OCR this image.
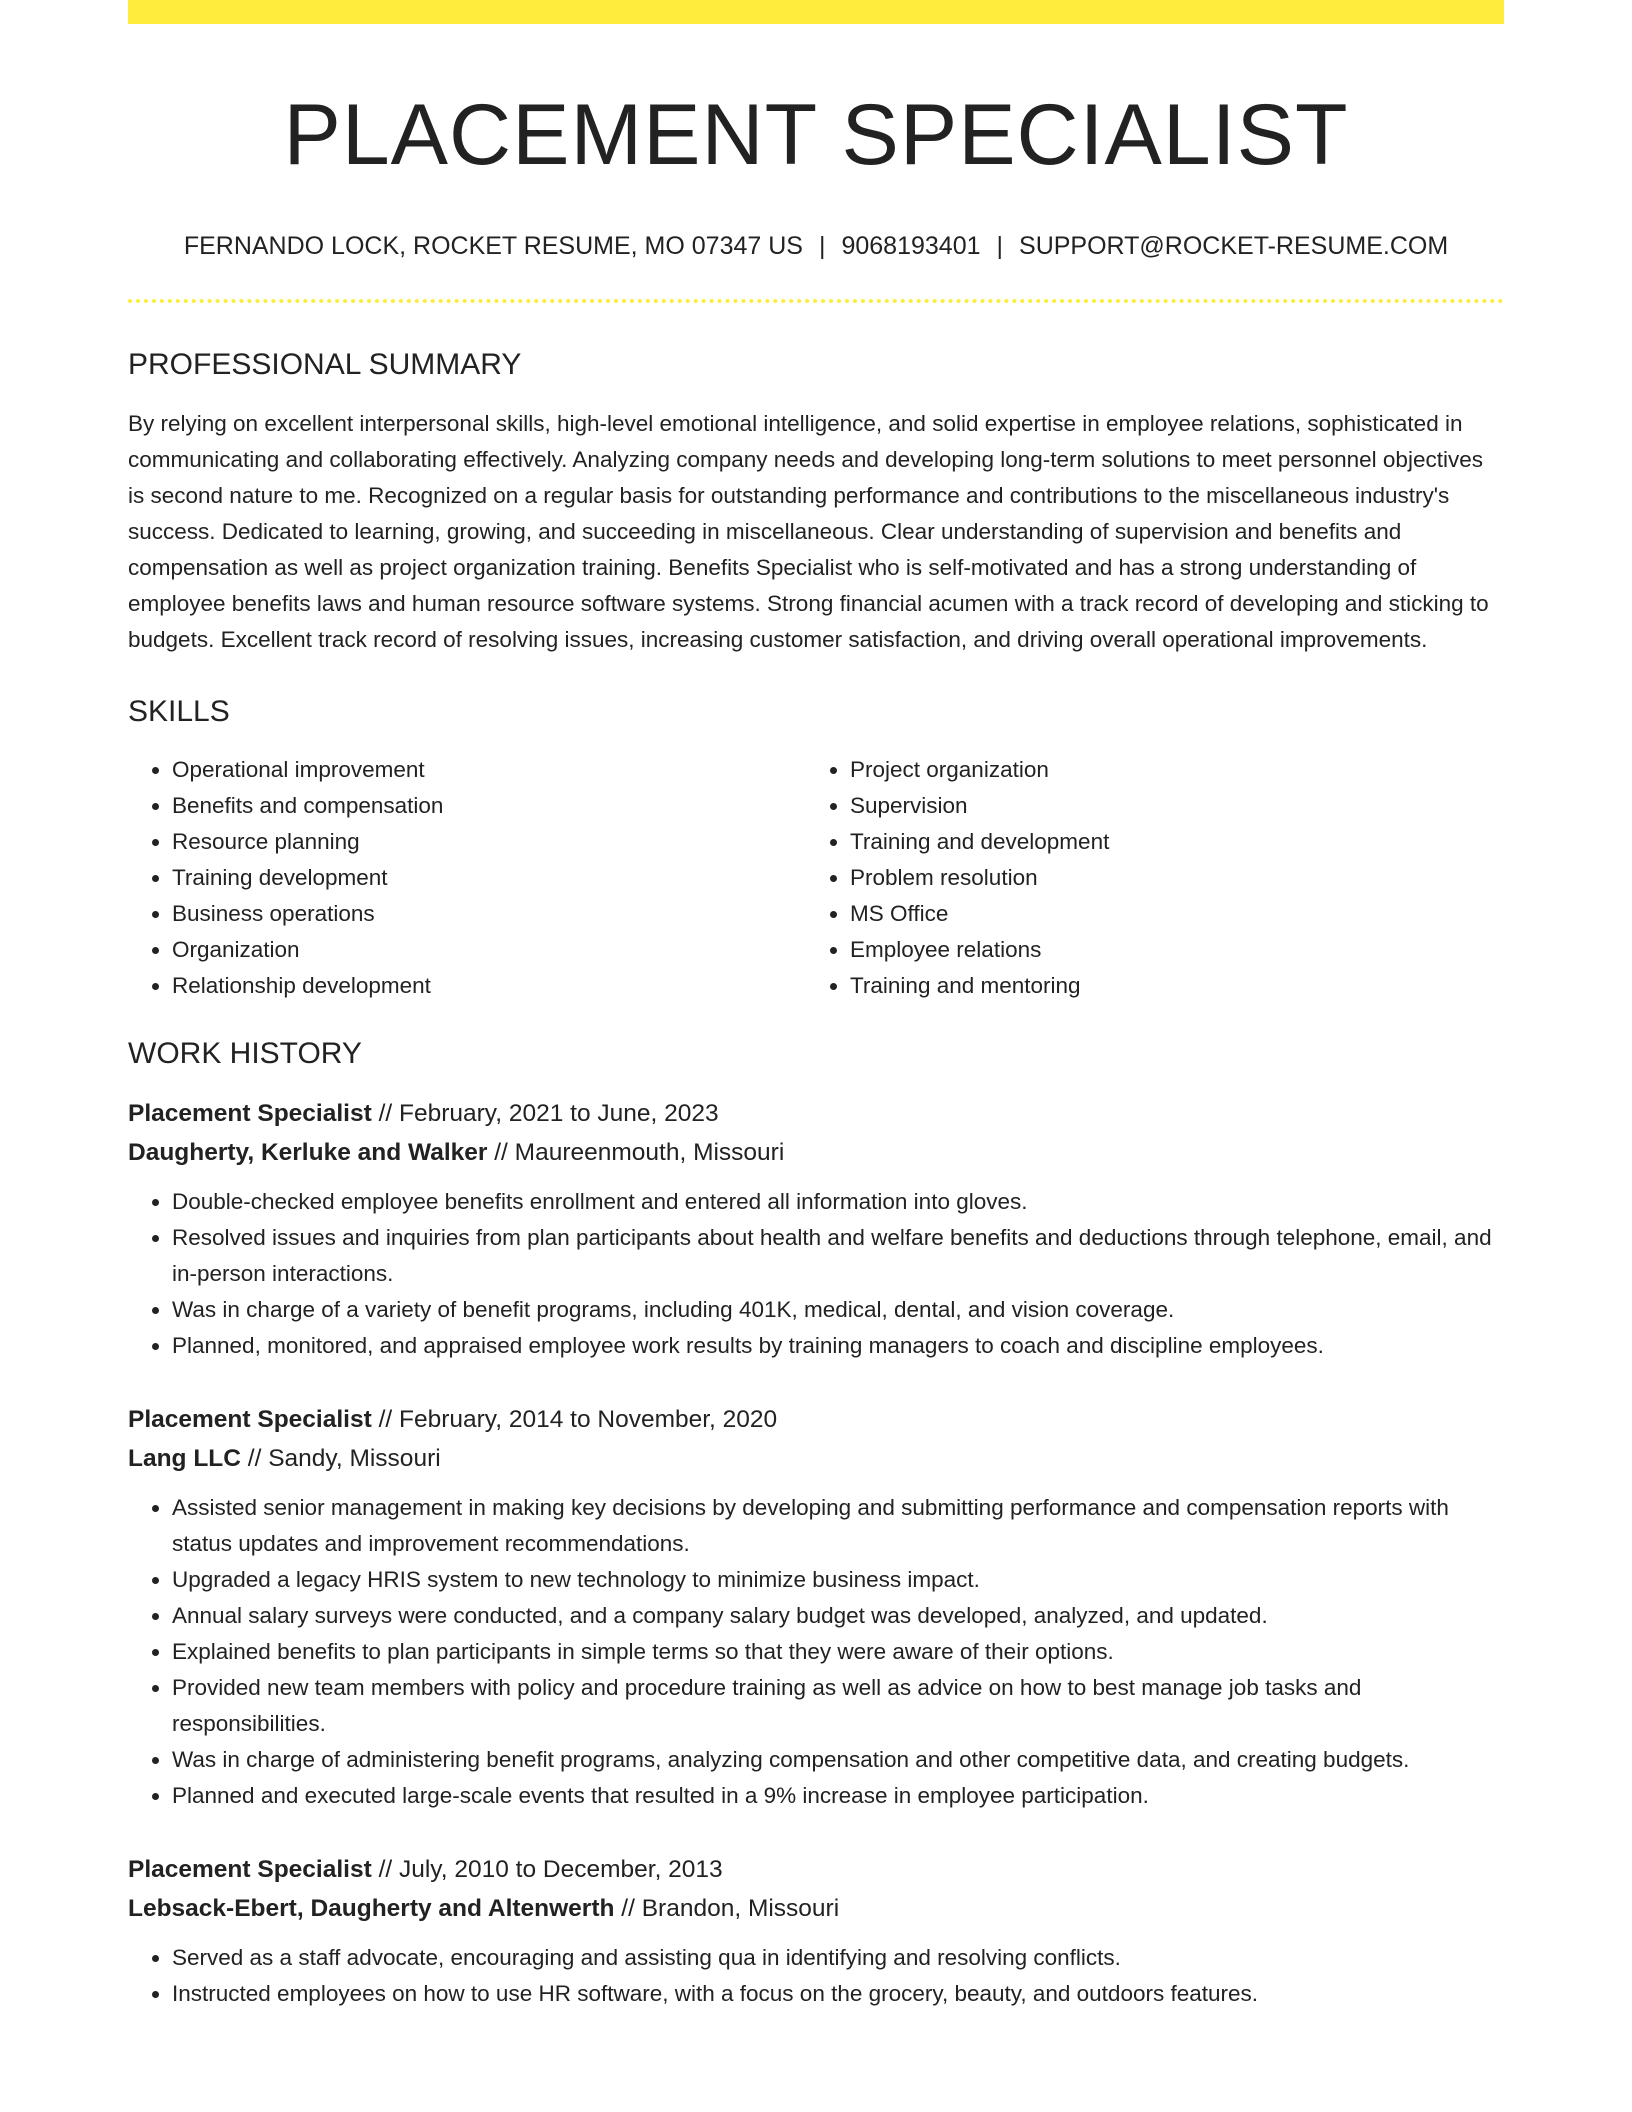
PLACEMENT SPECIALIST
FERNANDO LOCK, ROCKET RESUME, MO 07347 US | 9068193401 | SUPPORT@ROCKET-RESUME.COM
PROFESSIONAL SUMMARY
By relying on excellent interpersonal skills, high-level emotional intelligence, and solid expertise in employee relations, sophisticated in communicating and collaborating effectively. Analyzing company needs and developing long-term solutions to meet personnel objectives is second nature to me. Recognized on a regular basis for outstanding performance and contributions to the miscellaneous industry's success. Dedicated to learning, growing, and succeeding in miscellaneous. Clear understanding of supervision and benefits and compensation as well as project organization training. Benefits Specialist who is self-motivated and has a strong understanding of employee benefits laws and human resource software systems. Strong financial acumen with a track record of developing and sticking to budgets. Excellent track record of resolving issues, increasing customer satisfaction, and driving overall operational improvements.
SKILLS
• Operational improvement
• Benefits and compensation
• Resource planning
• Training development
• Business operations
• Organization
• Relationship development
• Project organization
• Supervision
• Training and development
• Problem resolution
• MS Office
• Employee relations
• Training and mentoring
WORK HISTORY
Placement Specialist // February, 2021 to June, 2023
Daugherty, Kerluke and Walker // Maureenmouth, Missouri
• Double-checked employee benefits enrollment and entered all information into gloves.
• Resolved issues and inquiries from plan participants about health and welfare benefits and deductions through telephone, email, and in-person interactions.
• Was in charge of a variety of benefit programs, including 401K, medical, dental, and vision coverage.
• Planned, monitored, and appraised employee work results by training managers to coach and discipline employees.
Placement Specialist // February, 2014 to November, 2020
Lang LLC // Sandy, Missouri
• Assisted senior management in making key decisions by developing and submitting performance and compensation reports with status updates and improvement recommendations.
• Upgraded a legacy HRIS system to new technology to minimize business impact.
• Annual salary surveys were conducted, and a company salary budget was developed, analyzed, and updated.
• Explained benefits to plan participants in simple terms so that they were aware of their options.
• Provided new team members with policy and procedure training as well as advice on how to best manage job tasks and responsibilities.
• Was in charge of administering benefit programs, analyzing compensation and other competitive data, and creating budgets.
• Planned and executed large-scale events that resulted in a 9% increase in employee participation.
Placement Specialist // July, 2010 to December, 2013
Lebsack-Ebert, Daugherty and Altenwerth // Brandon, Missouri
• Served as a staff advocate, encouraging and assisting qua in identifying and resolving conflicts.
• Instructed employees on how to use HR software, with a focus on the grocery, beauty, and outdoors features.
